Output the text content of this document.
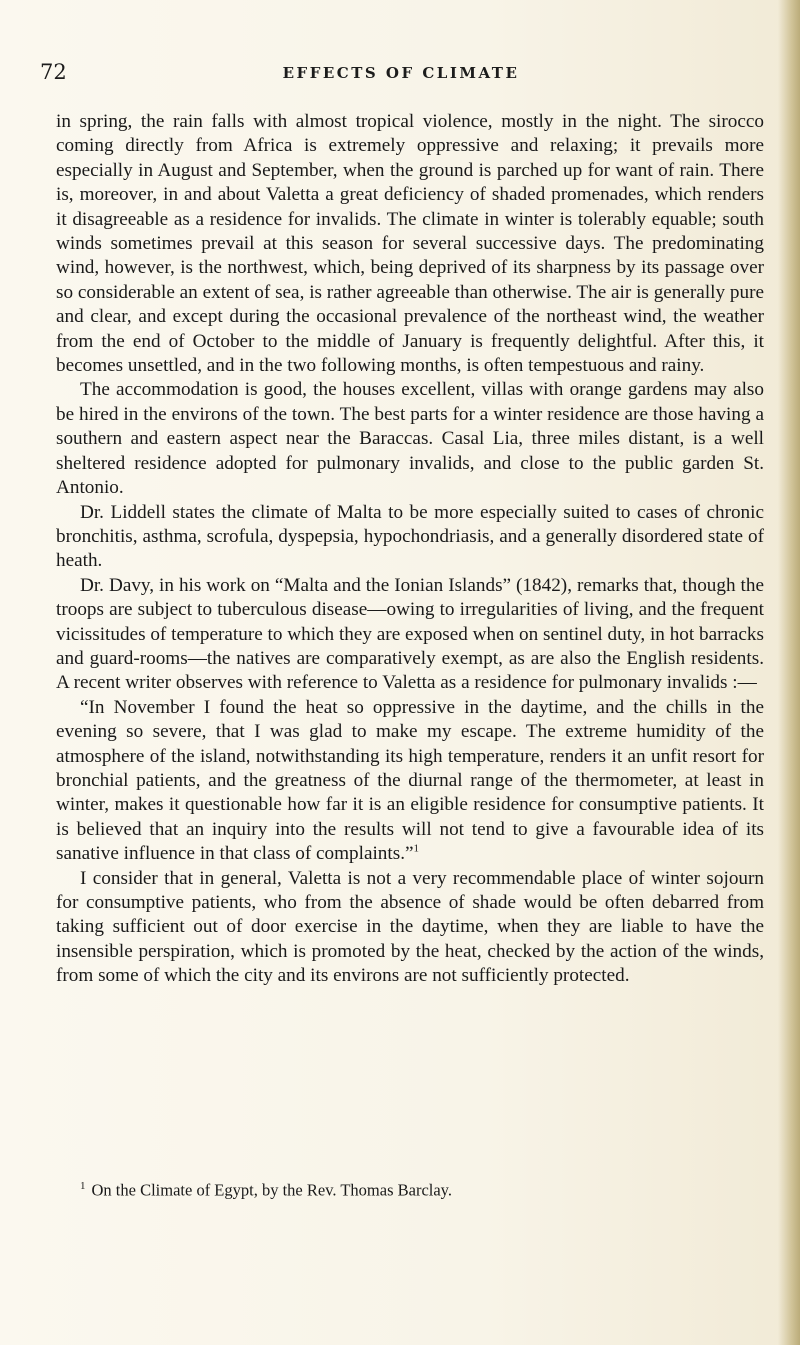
72	EFFECTS OF CLIMATE

in spring, the rain falls with almost tropical violence, mostly in the night. The sirocco coming directly from Africa is extremely oppressive and relaxing; it prevails more especially in August and September, when the ground is parched up for want of rain. There is, moreover, in and about Valetta a great deficiency of shaded promenades, which renders it disagreeable as a residence for invalids. The climate in winter is tolerably equable; south winds sometimes prevail at this season for several successive days. The predominating wind, however, is the northwest, which, being deprived of its sharpness by its passage over so considerable an extent of sea, is rather agreeable than otherwise. The air is generally pure and clear, and except during the occasional prevalence of the northeast wind, the weather from the end of October to the middle of January is frequently delightful. After this, it becomes unsettled, and in the two following months, is often tempestuous and rainy.

The accommodation is good, the houses excellent, villas with orange gardens may also be hired in the environs of the town. The best parts for a winter residence are those having a southern and eastern aspect near the Baraccas. Casal Lia, three miles distant, is a well sheltered residence adopted for pulmonary invalids, and close to the public garden St. Antonio.

Dr. Liddell states the climate of Malta to be more especially suited to cases of chronic bronchitis, asthma, scrofula, dyspepsia, hypochondriasis, and a generally disordered state of heath.

Dr. Davy, in his work on “Malta and the Ionian Islands” (1842), remarks that, though the troops are subject to tuberculous disease—owing to irregularities of living, and the frequent vicissitudes of temperature to which they are exposed when on sentinel duty, in hot barracks and guard-rooms—the natives are comparatively exempt, as are also the English residents. A recent writer observes with reference to Valetta as a residence for pulmonary invalids :—

“In November I found the heat so oppressive in the daytime, and the chills in the evening so severe, that I was glad to make my escape. The extreme humidity of the atmosphere of the island, notwithstanding its high temperature, renders it an unfit resort for bronchial patients, and the greatness of the diurnal range of the thermometer, at least in winter, makes it questionable how far it is an eligible residence for consumptive patients. It is believed that an inquiry into the results will not tend to give a favourable idea of its sanative influence in that class of complaints.”$^1$

I consider that in general, Valetta is not a very recommendable place of winter sojourn for consumptive patients, who from the absence of shade would be often debarred from taking sufficient out of door exercise in the daytime, when they are liable to have the insensible perspiration, which is promoted by the heat, checked by the action of the winds, from some of which the city and its environs are not sufficiently protected.

$^1$ On the Climate of Egypt, by the Rev. Thomas Barclay.
